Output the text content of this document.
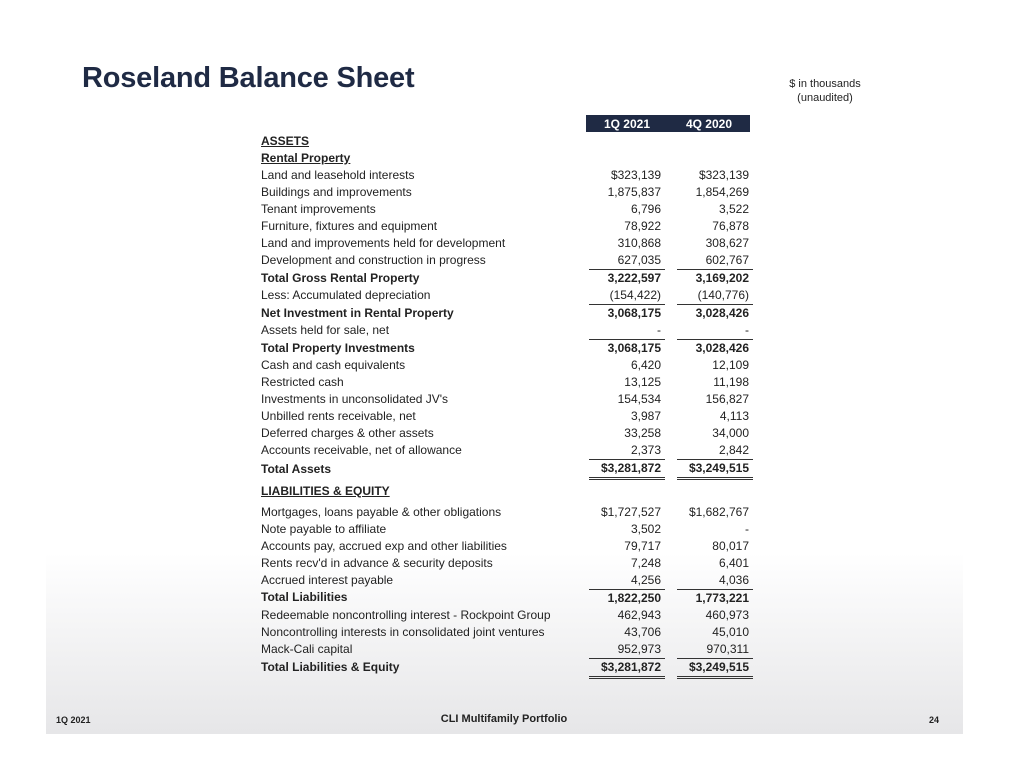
Roseland Balance Sheet	$ in thousands
(unaudited)
1Q 2021	4Q 2020
ASSETS			
Rental Property			
Land and leasehold interests	$323,139		$323,139
Buildings and improvements	1,875,837		1,854,269
Tenant improvements	6,796		3,522
Furniture, fixtures and equipment	78,922		76,878
Land and improvements held for development	310,868		308,627
Development and construction in progress	627,035		602,767
Total Gross Rental Property	3,222,597		3,169,202
Less: Accumulated depreciation	(154,422)		(140,776)
Net Investment in Rental Property	3,068,175		3,028,426
Assets held for sale, net	-		-
Total Property Investments	3,068,175		3,028,426
Cash and cash equivalents	6,420		12,109
Restricted cash	13,125		11,198
Investments in unconsolidated JV's	154,534		156,827
Unbilled rents receivable, net	3,987		4,113
Deferred charges & other assets	33,258		34,000
Accounts receivable, net of allowance	2,373		2,842
Total Assets	$3,281,872		$3,249,515
LIABILITIES & EQUITY			
Mortgages, loans payable & other obligations	$1,727,527		$1,682,767
Note payable to affiliate	3,502		-
Accounts pay, accrued exp and other liabilities	79,717		80,017
Rents recv'd in advance & security deposits	7,248		6,401
Accrued interest payable	4,256		4,036
Total Liabilities	1,822,250		1,773,221
Redeemable noncontrolling interest - Rockpoint Group	462,943		460,973
Noncontrolling interests in consolidated joint ventures	43,706		45,010
Mack-Cali capital	952,973		970,311
Total Liabilities & Equity	$3,281,872		$3,249,515
1Q 2021	CLI Multifamily Portfolio	24
